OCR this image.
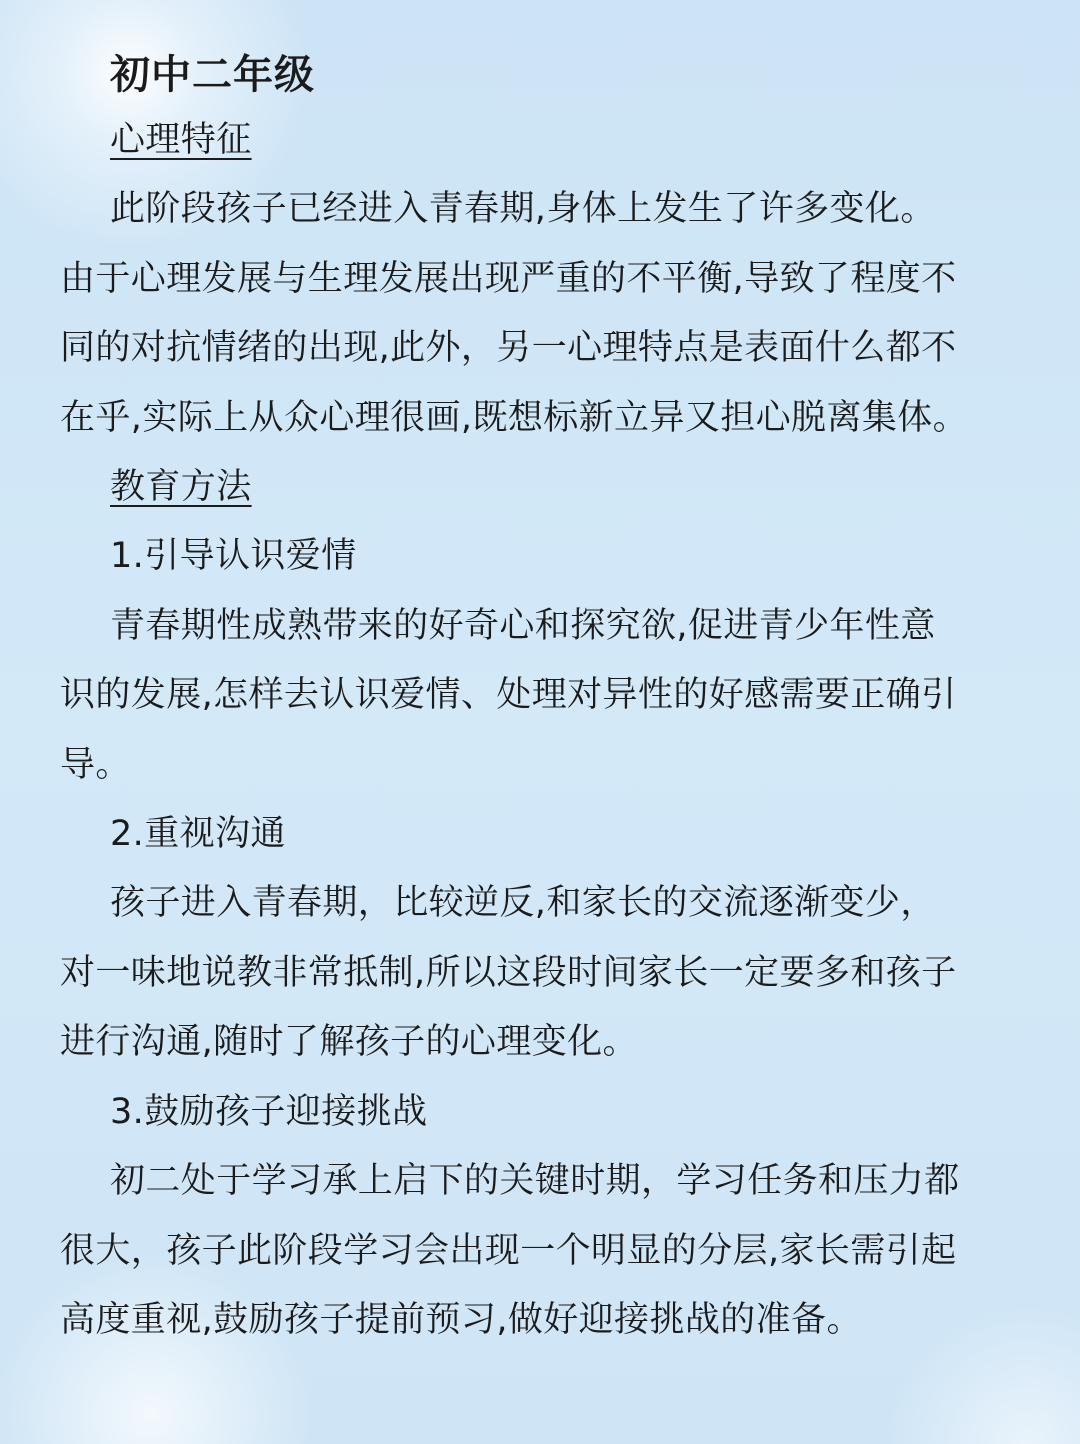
初中二年级
心理特征
此阶段孩子已经进入青春期,身体上发生了许多变化。
由于心理发展与生理发展出现严重的不平衡,导致了程度不
同的对抗情绪的出现,此外，另一心理特点是表面什么都不
在乎,实际上从众心理很画,既想标新立异又担心脱离集体。
教育方法
1.引导认识爱情
青春期性成熟带来的好奇心和探究欲,促进青少年性意
识的发展,怎样去认识爱情、处理对异性的好感需要正确引
导。
2.重视沟通
孩子进入青春期，比较逆反,和家长的交流逐渐变少，
对一味地说教非常抵制,所以这段时间家长一定要多和孩子
进行沟通,随时了解孩子的心理变化。
3.鼓励孩子迎接挑战
初二处于学习承上启下的关键时期，学习任务和压力都
很大，孩子此阶段学习会出现一个明显的分层,家长需引起
高度重视,鼓励孩子提前预习,做好迎接挑战的准备。
